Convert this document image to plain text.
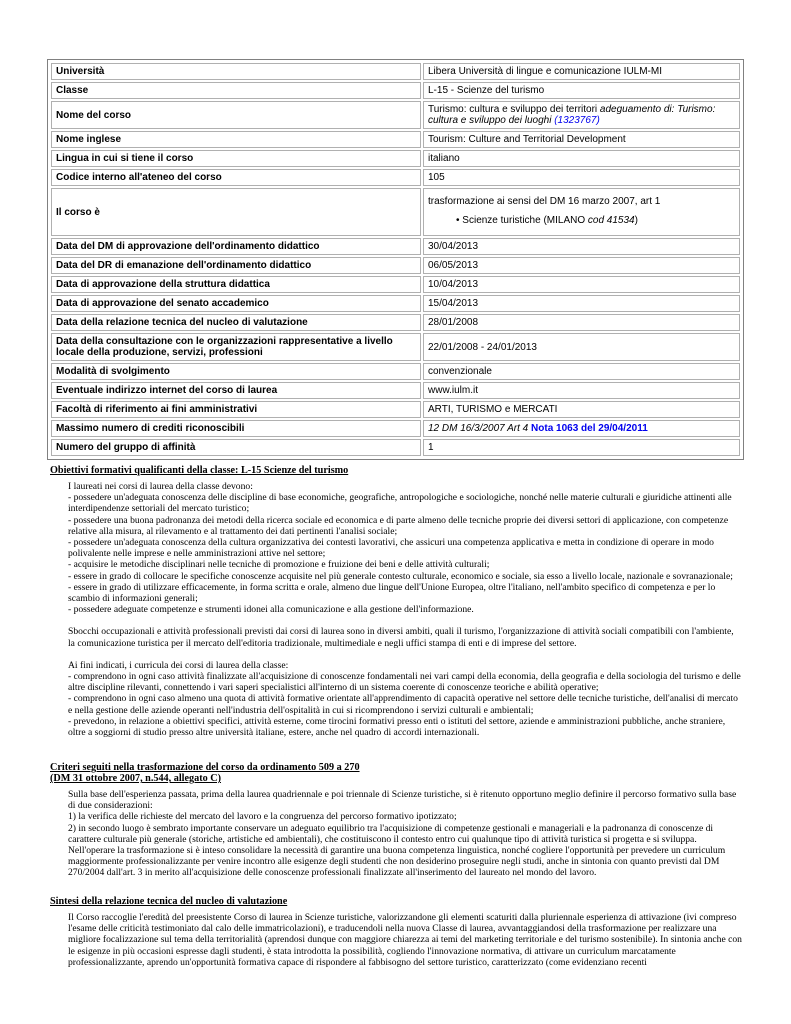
Università	Libera Università di lingue e comunicazione IULM-MI
Classe	L-15 - Scienze del turismo
Nome del corso	Turismo: cultura e sviluppo dei territori adeguamento di: Turismo: cultura e sviluppo dei luoghi (1323767)
Nome inglese	Tourism: Culture and Territorial Development
Lingua in cui si tiene il corso	italiano
Codice interno all'ateneo del corso	105
Il corso è	trasformazione ai sensi del DM 16 marzo 2007, art 1
• Scienze turistiche (MILANO cod 41534)

Data del DM di approvazione dell'ordinamento didattico	30/04/2013
Data del DR di emanazione dell'ordinamento didattico	06/05/2013
Data di approvazione della struttura didattica	10/04/2013
Data di approvazione del senato accademico	15/04/2013
Data della relazione tecnica del nucleo di valutazione	28/01/2008
Data della consultazione con le organizzazioni rappresentative a livello locale della produzione, servizi, professioni	22/01/2008 - 24/01/2013
Modalità di svolgimento	convenzionale
Eventuale indirizzo internet del corso di laurea	www.iulm.it
Facoltà di riferimento ai fini amministrativi	ARTI, TURISMO e MERCATI
Massimo numero di crediti riconoscibili	12 DM 16/3/2007 Art 4 Nota 1063 del 29/04/2011
Numero del gruppo di affinità	1
Obiettivi formativi qualificanti della classe: L-15 Scienze del turismo

I laureati nei corsi di laurea della classe devono:

- possedere un'adeguata conoscenza delle discipline di base economiche, geografiche, antropologiche e sociologiche, nonché nelle materie culturali e giuridiche attinenti alle interdipendenze settoriali del mercato turistico;

- possedere una buona padronanza dei metodi della ricerca sociale ed economica e di parte almeno delle tecniche proprie dei diversi settori di applicazione, con competenze relative alla misura, al rilevamento e al trattamento dei dati pertinenti l'analisi sociale;

- possedere un'adeguata conoscenza della cultura organizzativa dei contesti lavorativi, che assicuri una competenza applicativa e metta in condizione di operare in modo polivalente nelle imprese e nelle amministrazioni attive nel settore;

- acquisire le metodiche disciplinari nelle tecniche di promozione e fruizione dei beni e delle attività culturali;

- essere in grado di collocare le specifiche conoscenze acquisite nel più generale contesto culturale, economico e sociale, sia esso a livello locale, nazionale e sovranazionale;

- essere in grado di utilizzare efficacemente, in forma scritta e orale, almeno due lingue dell'Unione Europea, oltre l'italiano, nell'ambito specifico di competenza e per lo scambio di informazioni generali;

- possedere adeguate competenze e strumenti idonei alla comunicazione e alla gestione dell'informazione.

Sbocchi occupazionali e attività professionali previsti dai corsi di laurea sono in diversi ambiti, quali il turismo, l'organizzazione di attività sociali compatibili con l'ambiente, la comunicazione turistica per il mercato dell'editoria tradizionale, multimediale e negli uffici stampa di enti e di imprese del settore.

Ai fini indicati, i curricula dei corsi di laurea della classe:

- comprendono in ogni caso attività finalizzate all'acquisizione di conoscenze fondamentali nei vari campi della economia, della geografia e della sociologia del turismo e delle altre discipline rilevanti, connettendo i vari saperi specialistici all'interno di un sistema coerente di conoscenze teoriche e abilità operative;

- comprendono in ogni caso almeno una quota di attività formative orientate all'apprendimento di capacità operative nel settore delle tecniche turistiche, dell'analisi di mercato e nella gestione delle aziende operanti nell'industria dell'ospitalità in cui si ricomprendono i servizi culturali e ambientali;

- prevedono, in relazione a obiettivi specifici, attività esterne, come tirocini formativi presso enti o istituti del settore, aziende e amministrazioni pubbliche, anche straniere, oltre a soggiorni di studio presso altre università italiane, estere, anche nel quadro di accordi internazionali.

Criteri seguiti nella trasformazione del corso da ordinamento 509 a 270
(DM 31 ottobre 2007, n.544, allegato C)

Sulla base dell'esperienza passata, prima della laurea quadriennale e poi triennale di Scienze turistiche, si è ritenuto opportuno meglio definire il percorso formativo sulla base di due considerazioni:

1) la verifica delle richieste del mercato del lavoro e la congruenza del percorso formativo ipotizzato;

2) in secondo luogo è sembrato importante conservare un adeguato equilibrio tra l'acquisizione di competenze gestionali e manageriali e la padronanza di conoscenze di carattere culturale più generale (storiche, artistiche ed ambientali), che costituiscono il contesto entro cui qualunque tipo di attività turistica si progetta e si sviluppa.

Nell'operare la trasformazione si è inteso consolidare la necessità di garantire una buona competenza linguistica, nonché cogliere l'opportunità per prevedere un curriculum maggiormente professionalizzante per venire incontro alle esigenze degli studenti che non desiderino proseguire negli studi, anche in sintonia con quanto previsti dal DM 270/2004 dall'art. 3 in merito all'acquisizione delle conoscenze professionali finalizzate all'inserimento del laureato nel mondo del lavoro.

Sintesi della relazione tecnica del nucleo di valutazione

Il Corso raccoglie l'eredità del preesistente Corso di laurea in Scienze turistiche, valorizzandone gli elementi scaturiti dalla pluriennale esperienza di attivazione (ivi compreso l'esame delle criticità testimoniato dal calo delle immatricolazioni), e traducendoli nella nuova Classe di laurea, avvantaggiandosi della trasformazione per realizzare una migliore focalizzazione sul tema della territorialità (aprendosi dunque con maggiore chiarezza ai temi del marketing territoriale e del turismo sostenibile). In sintonia anche con le esigenze in più occasioni espresse dagli studenti, è stata introdotta la possibilità, cogliendo l'innovazione normativa, di attivare un curriculum marcatamente professionalizzante, aprendo un'opportunità formativa capace di rispondere al fabbisogno del settore turistico, caratterizzato (come evidenziano recenti
